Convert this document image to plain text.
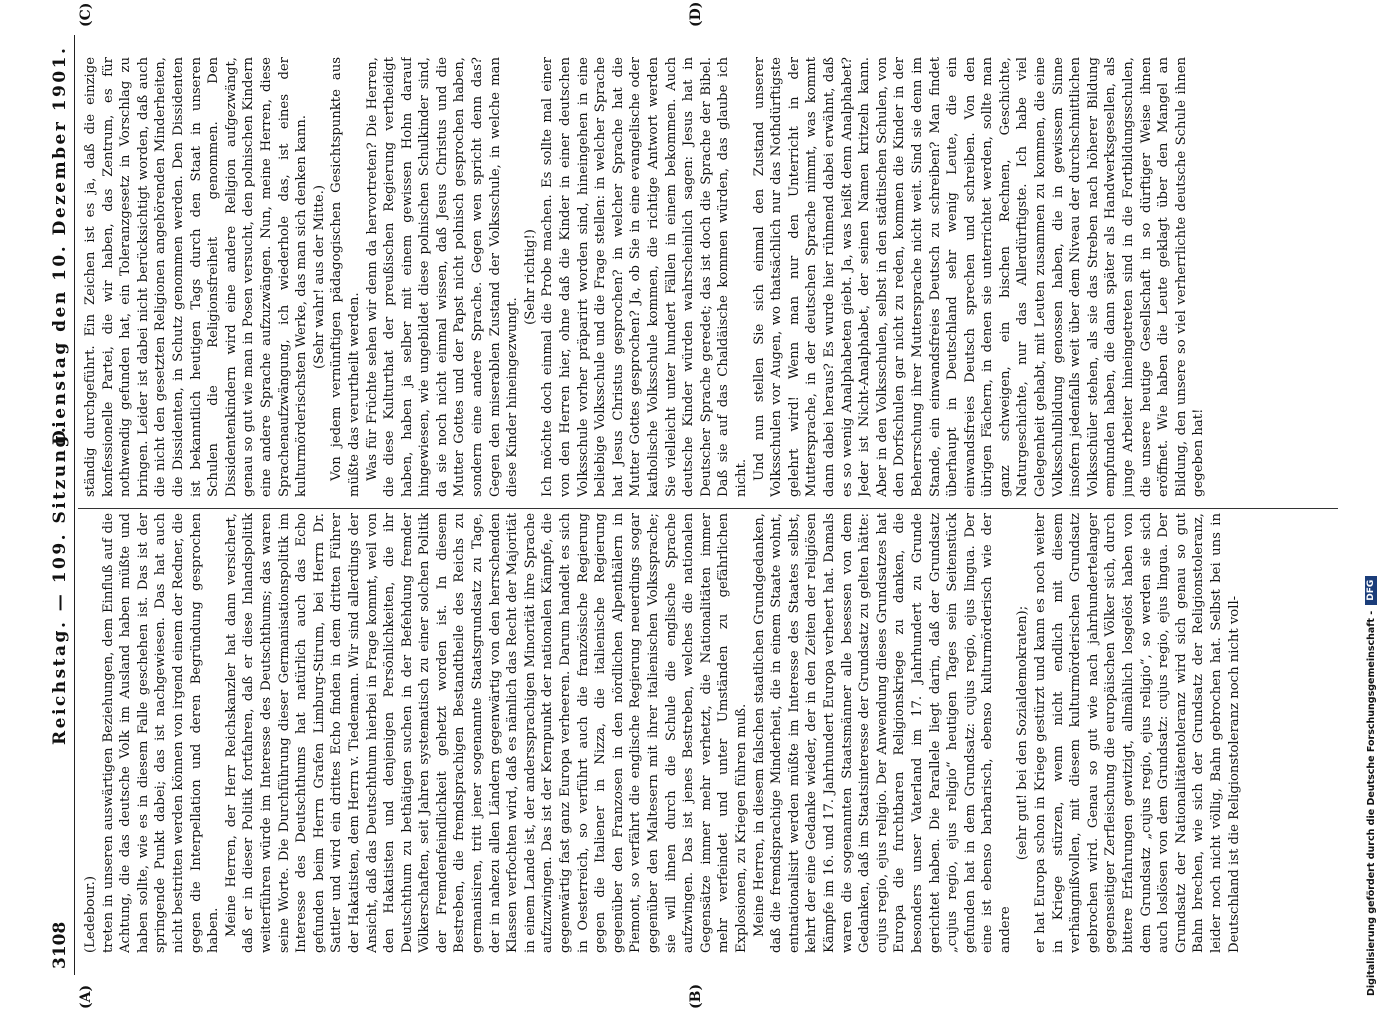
3108
Reichstag. — 109. Sitzung.
Dienstag den 10. Dezember 1901.

(Ledebour.) treten in unseren auswärtigen Beziehungen, dem Einfluß auf die Achtung, die das deutsche Volk im Ausland haben müßte und haben sollte, wie es in diesem Falle geschehen ist. Das ist der springende Punkt dabei; das ist nachgewiesen. Das hat auch nicht bestritten werden können von irgend einem der Redner, die gegen die Interpellation und deren Begründung gesprochen haben. Meine Herren, der Herr Reichskanzler hat dann versichert, daß er in dieser Politik fortfahren, daß er diese Inlandspolitik weiterführen würde im Interesse des Deutschthums; das waren seine Worte. Die Durchführung dieser Germanisationspolitik im Interesse des Deutschthums hat natürlich auch das Echo gefunden beim Herrn Grafen Limburg-Stirum, bei Herrn Dr. Sattler und wird ein drittes Echo finden in dem dritten Führer der Hakatisten, dem Herrn v. Tiedemann. Wir sind allerdings der Ansicht, daß das Deutschthum hierbei in Frage kommt, weil von den Hakatisten und denjenigen Persönlichkeiten, die ihr Deutschthum zu bethätigen suchen in der Befehdung fremder Völkerschaften, seit Jahren systematisch zu einer solchen Politik der Fremdenfeindlichkeit gehetzt worden ist. In diesem Bestreben, die fremdsprachigen Bestandtheile des Reichs zu germanisiren, tritt jener sogenannte Staatsgrundsatz zu Tage, der in nahezu allen Ländern gegenwärtig von den herrschenden Klassen verfochten wird, daß es nämlich das Recht der Majorität in einem Lande ist, der anderssprachigen Minorität ihre Sprache aufzuzwingen. Das ist der Kernpunkt der nationalen Kämpfe, die gegenwärtig fast ganz Europa verheeren. Darum handelt es sich in Oesterreich, so verführt auch die französische Regierung gegen die Italiener in Nizza, die italienische Regierung gegenüber den Franzosen in den nördlichen Alpenthälern in Piemont, so verfährt die englische Regierung neuerdings sogar gegenüber den Maltesern mit ihrer italienischen Volkssprache; sie will ihnen durch die Schule die englische Sprache aufzwingen. Das ist jenes Bestreben, welches die nationalen Gegensätze immer mehr verhetzt, die Nationalitäten immer mehr verfeindet und unter Umständen zu gefährlichen Explosionen, zu Kriegen führen muß. Meine Herren, in diesem falschen staatlichen Grundgedanken, daß die fremdsprachige Minderheit, die in einem Staate wohnt, entnationalisirt werden müßte im Interesse des Staates selbst, kehrt der eine Gedanke wieder, der in den Zeiten der religiösen Kämpfe im 16. und 17. Jahrhundert Europa verheert hat. Damals waren die sogenannten Staatsmänner alle besessen von dem Gedanken, daß im Staatsinteresse der Grundsatz zu gelten hätte: cujus regio, ejus religio. Der Anwendung dieses Grundsatzes hat Europa die furchtbaren Religionskriege zu danken, die besonders unser Vaterland im 17. Jahrhundert zu Grunde gerichtet haben. Die Parallele liegt darin, daß der Grundsatz „cujus regio, ejus religio“ heutigen Tages sein Seitenstück gefunden hat in dem Grundsatz: cujus regio, ejus lingua. Der eine ist ebenso barbarisch, ebenso kulturmörderisch wie der andere

(sehr gut! bei den Sozialdemokraten); er hat Europa schon in Kriege gestürzt und kann es noch weiter in Kriege stürzen, wenn nicht endlich mit diesem verhängnißvollen, mit diesem kulturmörderischen Grundsatz gebrochen wird. Genau so gut wie nach jahrhundertelanger gegenseitiger Zerfleischung die europäischen Völker sich, durch bittere Erfahrungen gewitzigt, allmählich losgelöst haben von dem Grundsatz „cujus regio, ejus religio“, so werden sie sich auch loslösen von dem Grundsatz: cujus regio, ejus lingua. Der Grundsatz der Nationalitätentoleranz wird sich genau so gut Bahn brechen, wie sich der Grundsatz der Religionstoleranz, leider noch nicht völlig, Bahn gebrochen hat. Selbst bei uns in Deutschland ist die Religionstoleranz noch nicht voll-

ständig durchgeführt. Ein Zeichen ist es ja, daß die einzige konfessionelle Partei, die wir haben, das Zentrum, es für nothwendig gefunden hat, ein Toleranzgesetz in Vorschlag zu bringen. Leider ist dabei nicht berücksichtigt worden, daß auch die nicht den gesetzten Religionen angehörenden Minderheiten, die Dissidenten, in Schutz genommen werden. Den Dissidenten ist bekanntlich heutigen Tags durch den Staat in unseren Schulen die Religionsfreiheit genommen. Den Dissidentenkindern wird eine andere Religion aufgezwängt, genau so gut wie man in Posen versucht, den polnischen Kindern eine andere Sprache aufzuzwängen. Nun, meine Herren, diese Sprachenaufzwängung, ich wiederhole das, ist eines der kulturmörderischsten Werke, das man sich denken kann. (Sehr wahr! aus der Mitte.) Von jedem vernünftigen pädagogischen Gesichtspunkte aus müßte das verurtheilt werden. Was für Früchte sehen wir denn da hervortreten? Die Herren, die diese Kulturthat der preußischen Regierung vertheidigt haben, haben ja selber mit einem gewissen Hohn darauf hingewiesen, wie ungebildet diese polnischen Schulkinder sind, da sie noch nicht einmal wissen, daß Jesus Christus und die Mutter Gottes und der Papst nicht polnisch gesprochen haben, sondern eine andere Sprache. Gegen wen spricht denn das? Gegen den miserablen Zustand der Volksschule, in welche man diese Kinder hineingezwungt.

(Sehr richtig!) Ich möchte doch einmal die Probe machen. Es sollte mal einer von den Herren hier, ohne daß die Kinder in einer deutschen Volksschule vorher präparirt worden sind, hineingehen in eine beliebige Volksschule und die Frage stellen: in welcher Sprache hat Jesus Christus gesprochen? in welcher Sprache hat die Mutter Gottes gesprochen? Ja, ob Sie in eine evangelische oder katholische Volksschule kommen, die richtige Antwort werden Sie vielleicht unter hundert Fällen in einem bekommen. Auch deutsche Kinder würden wahrscheinlich sagen: Jesus hat in Deutscher Sprache geredet; das ist doch die Sprache der Bibel. Daß sie auf das Chaldäische kommen würden, das glaube ich nicht. Und nun stellen Sie sich einmal den Zustand unserer Volksschulen vor Augen, wo thatsächlich nur das Nothdürftigste gelehrt wird! Wenn man nur den Unterricht in der Muttersprache, in der deutschen Sprache nimmt, was kommt dann dabei heraus? Es wurde hier rühmend dabei erwähnt, daß es so wenig Analphabeten giebt. Ja, was heißt denn Analphabet? Jeder ist Nicht-Analphabet, der seinen Namen kritzeln kann. Aber in den Volksschulen, selbst in den städtischen Schulen, von den Dorfschulen gar nicht zu reden, kommen die Kinder in der Beherrschung ihrer Muttersprache nicht weit. Sind sie denn im Stande, ein einwandsfreies Deutsch zu schreiben? Man findet überhaupt in Deutschland sehr wenig Leute, die ein einwandsfreies Deutsch sprechen und schreiben. Von den übrigen Fächern, in denen sie unterrichtet werden, sollte man ganz schweigen, ein bischen Rechnen, Geschichte, Naturgeschichte, nur das Allerdürftigste. Ich habe viel Gelegenheit gehabt, mit Leuten zusammen zu kommen, die eine Volksschulbildung genossen haben, die in gewissem Sinne insofern jedenfalls weit über dem Niveau der durchschnittlichen Volksschüler stehen, als sie das Streben nach höherer Bildung empfunden haben, die dann später als Handwerksgesellen, als junge Arbeiter hineingetreten sind in die Fortbildungsschulen, die unsere heutige Gesellschaft in so dürftiger Weise ihnen eröffnet. Wie haben die Leute geklagt über den Mangel an Bildung, den unsere so viel verherrlichte deutsche Schule ihnen gegeben hat!

(A)	(B)
(C)	(D)
Digitalisierung gefördert durch die Deutsche Forschungsgemeinschaft -
DFG
